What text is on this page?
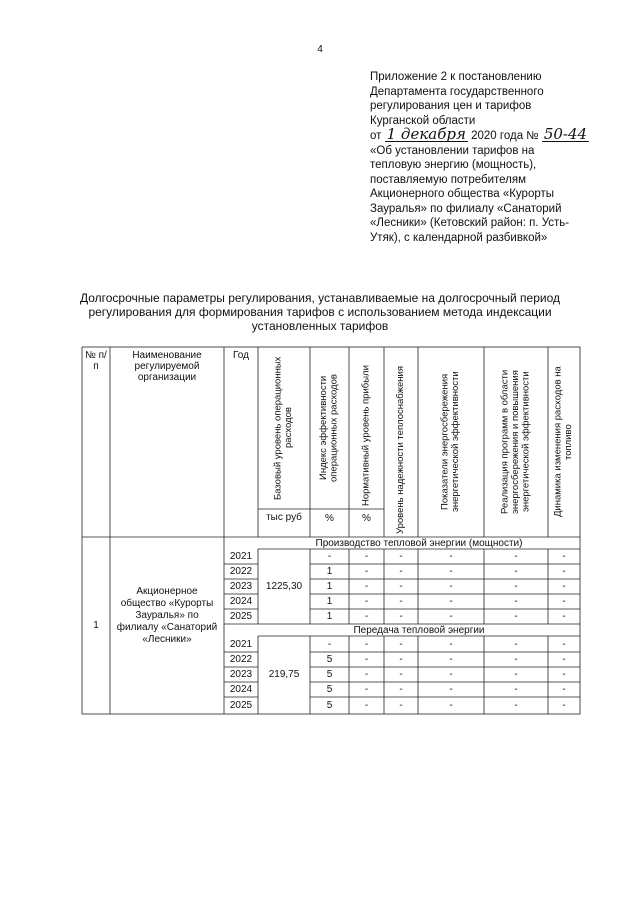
4
Приложение 2 к постановлению
Департамента государственного
регулирования цен и тарифов
Курганской области
от 1 декабря 2020 года № 50-44
«Об установлении тарифов на
тепловую энергию (мощность),
поставляемую потребителям
Акционерного общества «Курорты
Зауралья» по филиалу «Санаторий
«Лесники» (Кетовский район: п. Усть-
Утяк), с календарной разбивкой»
Долгосрочные параметры регулирования, устанавливаемые на долгосрочный период
регулирования для формирования тарифов с использованием метода индексации
установленных тарифов
№ п/п
Наименование регулируемой организации
Год
Базовый уровень операционных расходов	Индекс эффективности операционных расходов	Нормативный уровень прибыли	Уровень надежности теплоснабжения	Показатели энергосбережения энергетической эффективности	Реализация программ в области энергосбережения и повышения энергетической эффективности	Динамика изменения расходов на топливо
тыс руб	%	%
1
Акционерное общество «Курорты Зауралья» по филиалу «Санаторий «Лесники»
Производство тепловой энергии (мощности)
Передача тепловой энергии
1225,30
219,75
2021	-	-	-	-	-	-
2022	1	-	-	-	-	-
2023	1	-	-	-	-	-
2024	1	-	-	-	-	-
2025	1	-	-	-	-	-
2021	-	-	-	-	-	-
2022	5	-	-	-	-	-
2023	5	-	-	-	-	-
2024	5	-	-	-	-	-
2025	5	-	-	-	-	-
